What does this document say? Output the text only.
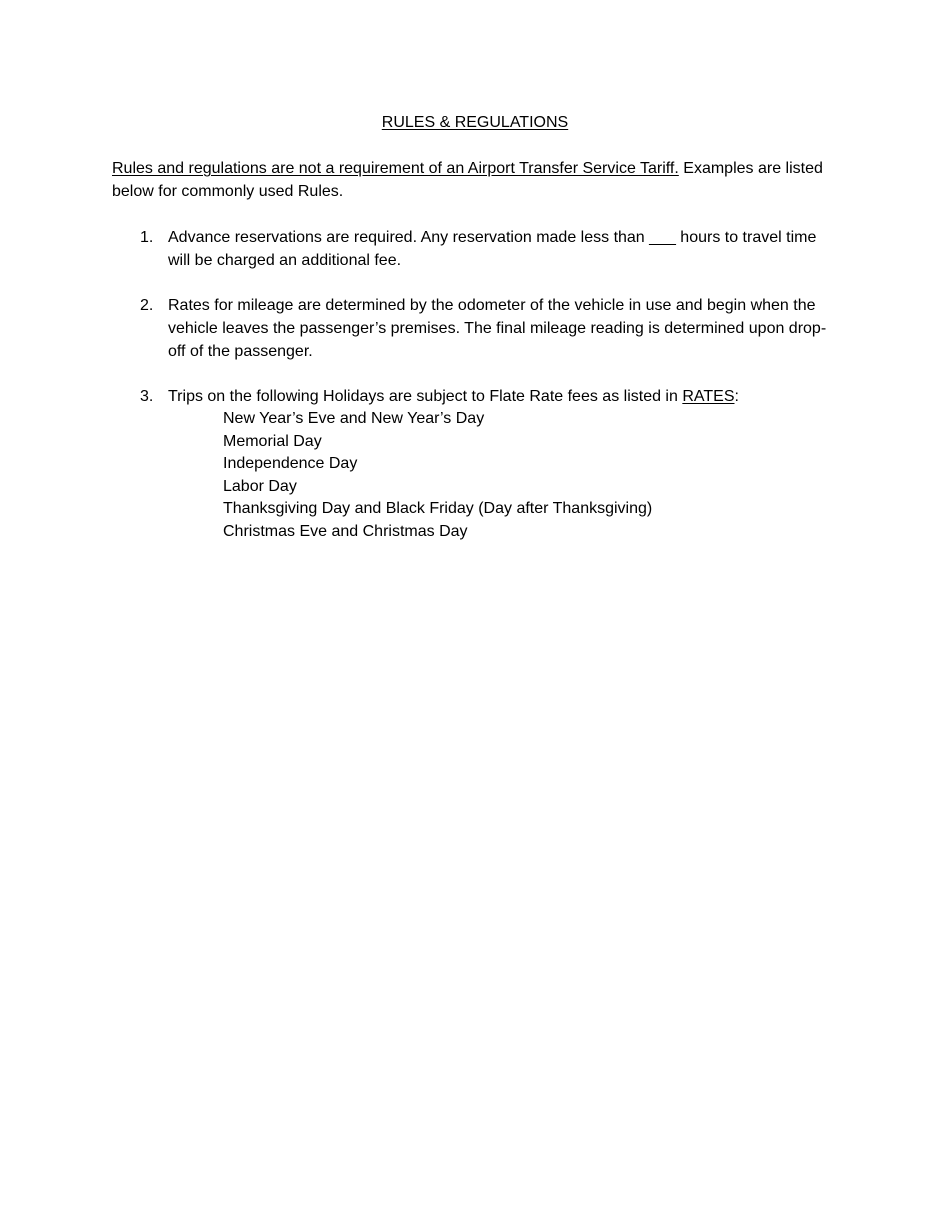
RULES & REGULATIONS
Rules and regulations are not a requirement of an Airport Transfer Service Tariff. Examples are listed below for commonly used Rules.
1. Advance reservations are required. Any reservation made less than ___ hours to travel time will be charged an additional fee.
2. Rates for mileage are determined by the odometer of the vehicle in use and begin when the vehicle leaves the passenger’s premises. The final mileage reading is determined upon drop-off of the passenger.
3. Trips on the following Holidays are subject to Flate Rate fees as listed in RATES:
New Year’s Eve and New Year’s Day
Memorial Day
Independence Day
Labor Day
Thanksgiving Day and Black Friday (Day after Thanksgiving)
Christmas Eve and Christmas Day
